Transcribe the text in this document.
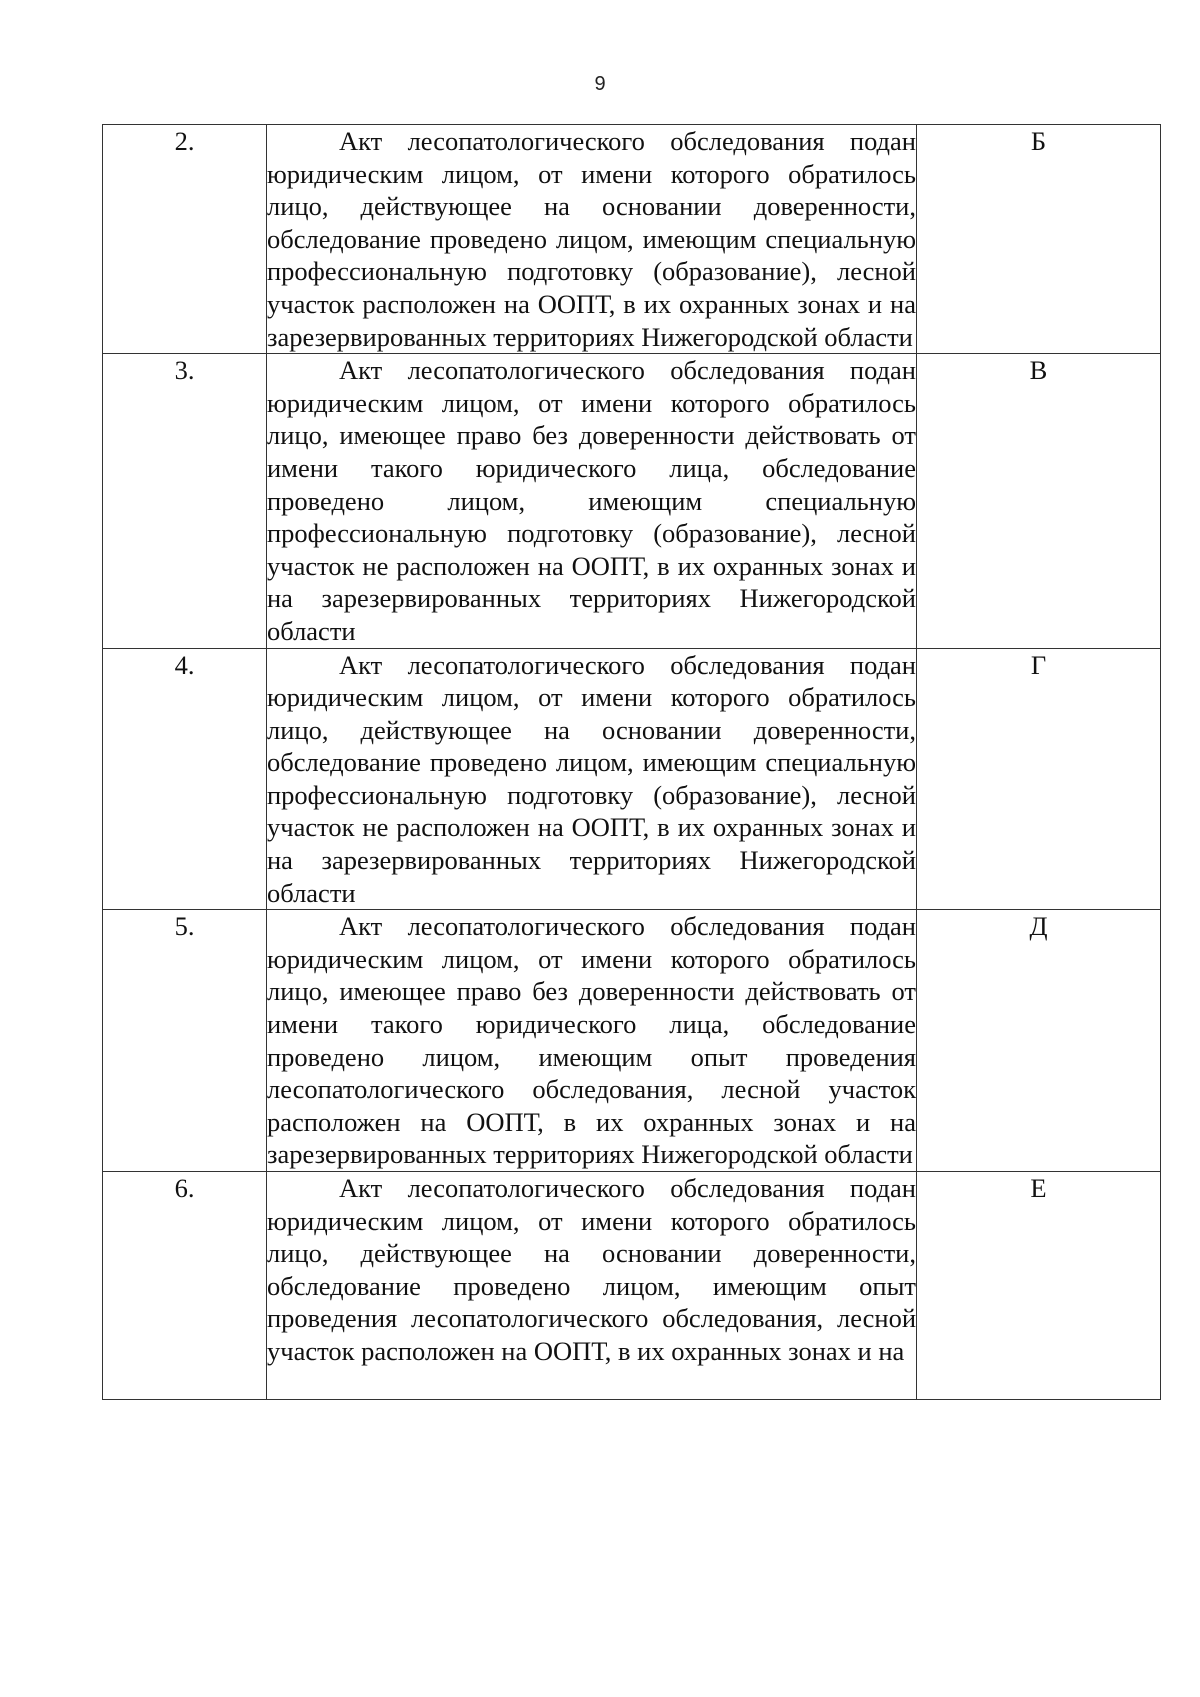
9
2.	Акт лесопатологического обследования подан юридическим лицом, от имени которого обратилось лицо, действующее на основании доверенности, обследование проведено лицом, имеющим специальную профессиональную подготовку (образование), лесной участок расположен на ООПТ, в их охранных зонах и на зарезервированных территориях Нижегородской области	Б
3.	Акт лесопатологического обследования подан юридическим лицом, от имени которого обратилось лицо, имеющее право без доверенности действовать от имени такого юридического лица, обследование проведено лицом, имеющим специальную профессиональную подготовку (образование), лесной участок не расположен на ООПТ, в их охранных зонах и на зарезервированных территориях Нижегородской области	В
4.	Акт лесопатологического обследования подан юридическим лицом, от имени которого обратилось лицо, действующее на основании доверенности, обследование проведено лицом, имеющим специальную профессиональную подготовку (образование), лесной участок не расположен на ООПТ, в их охранных зонах и на зарезервированных территориях Нижегородской области	Г
5.	Акт лесопатологического обследования подан юридическим лицом, от имени которого обратилось лицо, имеющее право без доверенности действовать от имени такого юридического лица, обследование проведено лицом, имеющим опыт проведения лесопатологического обследования, лесной участок расположен на ООПТ, в их охранных зонах и на зарезервированных территориях Нижегородской области	Д

6.	Акт лесопатологического обследования подан юридическим лицом, от имени которого обратилось лицо, действующее на основании доверенности, обследование проведено лицом, имеющим опыт проведения лесопатологического обследования, лесной участок расположен на ООПТ, в их охранных зонах и на	Е
